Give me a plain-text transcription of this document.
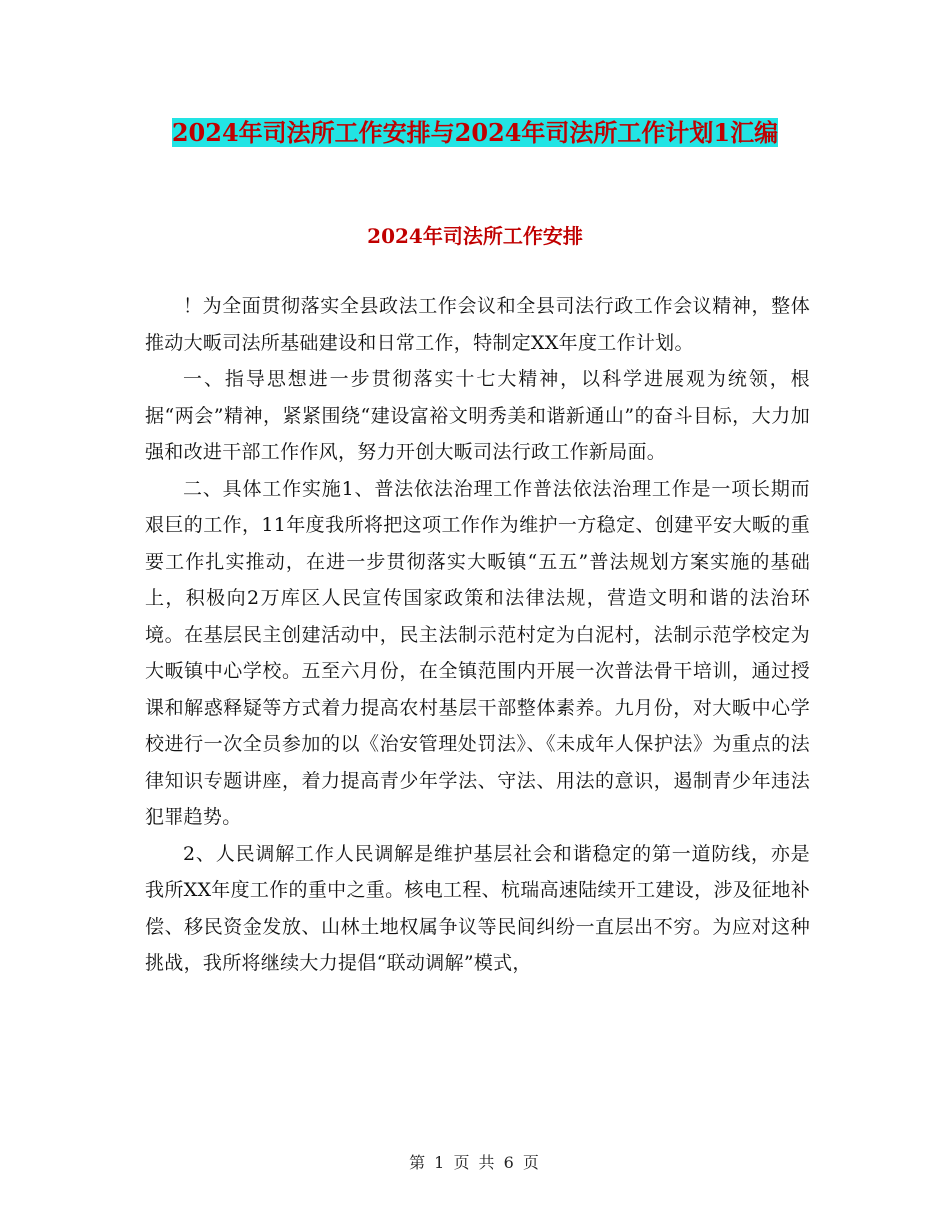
2024年司法所工作安排与2024年司法所工作计划1汇编
2024年司法所工作安排

！为全面贯彻落实全县政法工作会议和全县司法行政工作会议精神，整体推动大畈司法所基础建设和日常工作，特制定XX年度工作计划。

一、指导思想进一步贯彻落实十七大精神，以科学进展观为统领，根据“两会”精神，紧紧围绕“建设富裕文明秀美和谐新通山”的奋斗目标，大力加强和改进干部工作作风，努力开创大畈司法行政工作新局面。

二、具体工作实施1、普法依法治理工作普法依法治理工作是一项长期而艰巨的工作，11年度我所将把这项工作作为维护一方稳定、创建平安大畈的重要工作扎实推动，在进一步贯彻落实大畈镇“五五”普法规划方案实施的基础上，积极向2万库区人民宣传国家政策和法律法规，营造文明和谐的法治环境。在基层民主创建活动中，民主法制示范村定为白泥村，法制示范学校定为大畈镇中心学校。五至六月份，在全镇范围内开展一次普法骨干培训，通过授课和解惑释疑等方式着力提高农村基层干部整体素养。九月份，对大畈中心学校进行一次全员参加的以《治安管理处罚法》、《未成年人保护法》为重点的法律知识专题讲座，着力提高青少年学法、守法、用法的意识，遏制青少年违法犯罪趋势。

2、人民调解工作人民调解是维护基层社会和谐稳定的第一道防线，亦是我所XX年度工作的重中之重。核电工程、杭瑞高速陆续开工建设，涉及征地补偿、移民资金发放、山林土地权属争议等民间纠纷一直层出不穷。为应对这种挑战，我所将继续大力提倡“联动调解”模式，

第 1 页 共 6 页
